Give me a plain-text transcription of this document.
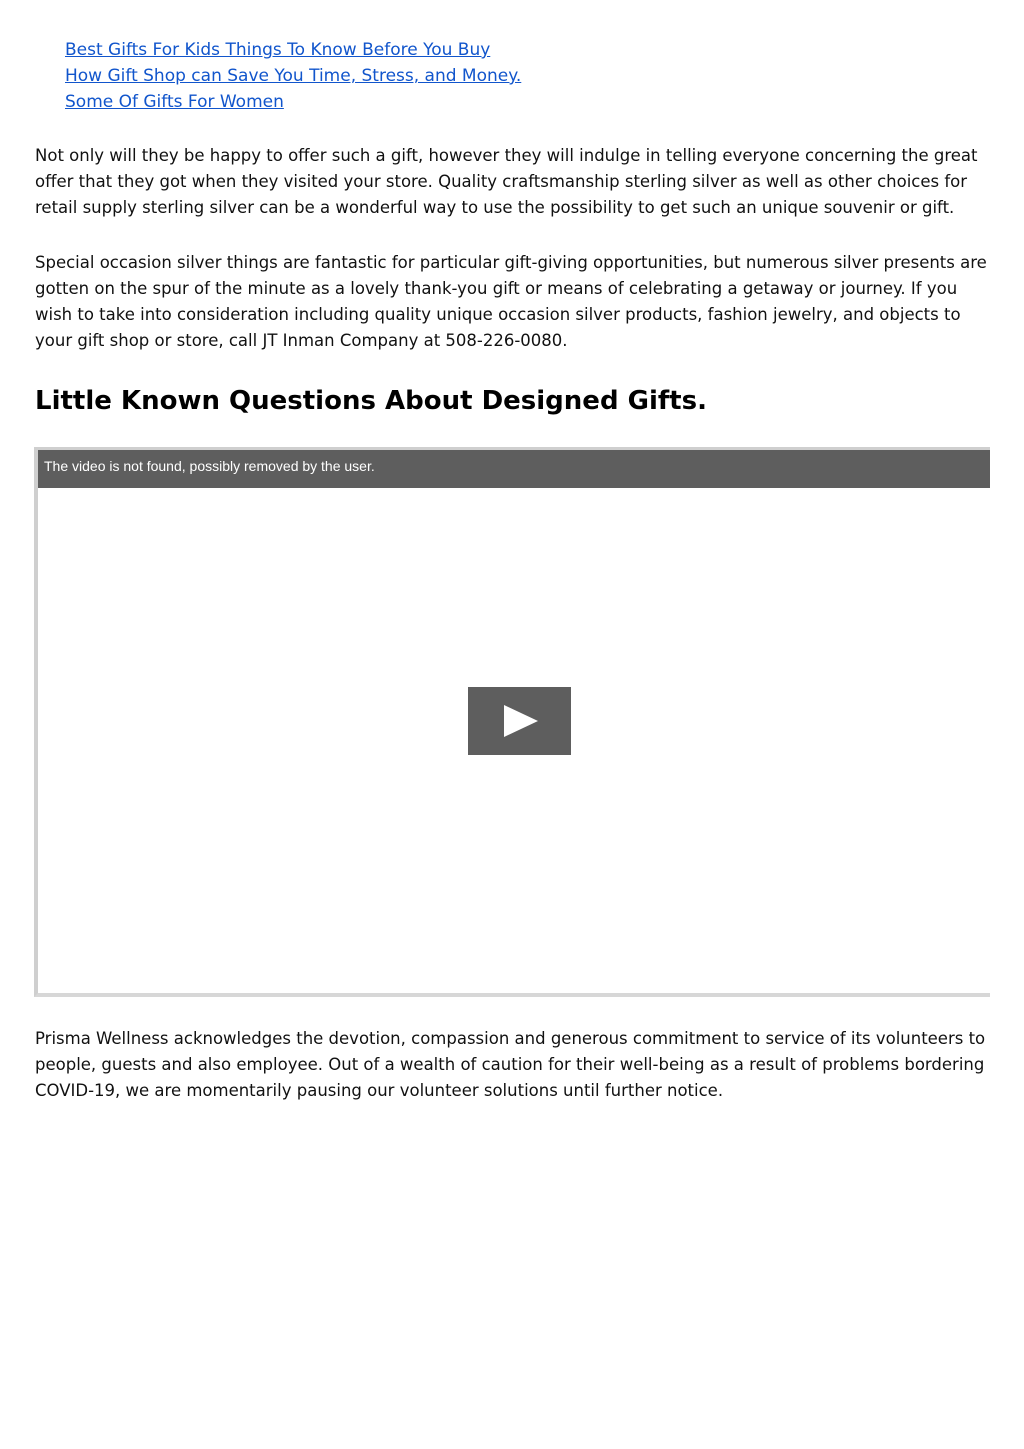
Best Gifts For Kids Things To Know Before You Buy
How Gift Shop can Save You Time, Stress, and Money.
Some Of Gifts For Women

Not only will they be happy to offer such a gift, however they will indulge in telling everyone concerning the great offer that they got when they visited your store. Quality craftsmanship sterling silver as well as other choices for retail supply sterling silver can be a wonderful way to use the possibility to get such an unique souvenir or gift.

Special occasion silver things are fantastic for particular gift-giving opportunities, but numerous silver presents are gotten on the spur of the minute as a lovely thank-you gift or means of celebrating a getaway or journey. If you wish to take into consideration including quality unique occasion silver products, fashion jewelry, and objects to your gift shop or store, call JT Inman Company at 508-226-0080.

Little Known Questions About Designed Gifts.
The video is not found, possibly removed by the user.

Prisma Wellness acknowledges the devotion, compassion and generous commitment to service of its volunteers to people, guests and also employee. Out of a wealth of caution for their well-being as a result of problems bordering COVID-19, we are momentarily pausing our volunteer solutions until further notice.
